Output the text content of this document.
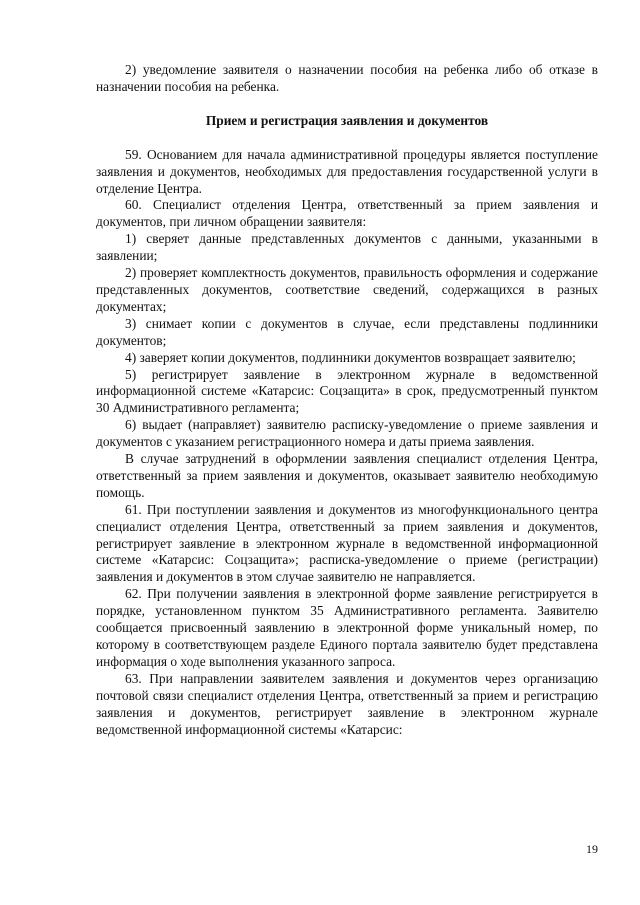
2) уведомление заявителя о назначении пособия на ребенка либо об отказе в назначении пособия на ребенка.

Прием и регистрация заявления и документов

59. Основанием для начала административной процедуры является поступление заявления и документов, необходимых для предоставления государственной услуги в отделение Центра.

60. Специалист отделения Центра, ответственный за прием заявления и документов, при личном обращении заявителя:

1) сверяет данные представленных документов с данными, указанными в заявлении;

2) проверяет комплектность документов, правильность оформления и содержание представленных документов, соответствие сведений, содержащихся в разных документах;

3) снимает копии с документов в случае, если представлены подлинники документов;

4) заверяет копии документов, подлинники документов возвращает заявителю;

5) регистрирует заявление в электронном журнале в ведомственной информационной системе «Катарсис: Соцзащита» в срок, предусмотренный пунктом 30 Административного регламента;

6) выдает (направляет) заявителю расписку-уведомление о приеме заявления и документов с указанием регистрационного номера и даты приема заявления.

В случае затруднений в оформлении заявления специалист отделения Центра, ответственный за прием заявления и документов, оказывает заявителю необходимую помощь.

61. При поступлении заявления и документов из многофункционального центра специалист отделения Центра, ответственный за прием заявления и документов, регистрирует заявление в электронном журнале в ведомственной информационной системе «Катарсис: Соцзащита»; расписка-уведомление о приеме (регистрации) заявления и документов в этом случае заявителю не направляется.

62. При получении заявления в электронной форме заявление регистрируется в порядке, установленном пунктом 35 Административного регламента. Заявителю сообщается присвоенный заявлению в электронной форме уникальный номер, по которому в соответствующем разделе Единого портала заявителю будет представлена информация о ходе выполнения указанного запроса.

63. При направлении заявителем заявления и документов через организацию почтовой связи специалист отделения Центра, ответственный за прием и регистрацию заявления и документов, регистрирует заявление в электронном журнале ведомственной информационной системы «Катарсис:

19
